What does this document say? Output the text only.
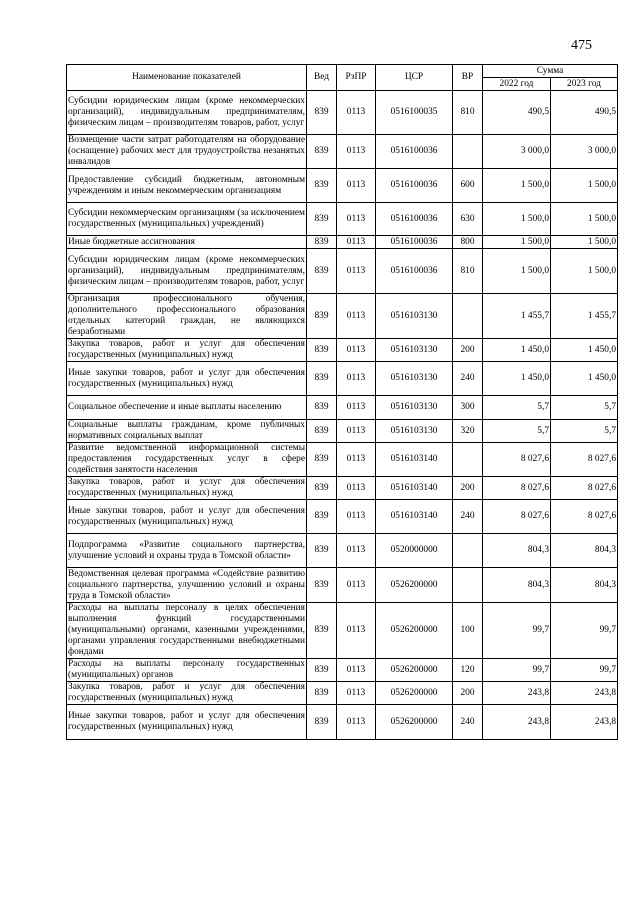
475
Наименование показателей	Вед	РзПР	ЦСР	ВР	Сумма	
					2022 год	2023 год
Субсидии юридическим лицам (кроме некоммерческих организаций), индивидуальным предпринимателям, физическим лицам – производителям товаров, работ, услуг	839	0113	0516100035	810	490,5	490,5
Возмещение части затрат работодателям на оборудование (оснащение) рабочих мест для трудоустройства незанятых инвалидов	839	0113	0516100036		3 000,0	3 000,0
Предоставление субсидий бюджетным, автономным учреждениям и иным некоммерческим организациям	839	0113	0516100036	600	1 500,0	1 500,0
Субсидии некоммерческим организациям (за исключением государственных (муниципальных) учреждений)	839	0113	0516100036	630	1 500,0	1 500,0
Иные бюджетные ассигнования	839	0113	0516100036	800	1 500,0	1 500,0
Субсидии юридическим лицам (кроме некоммерческих организаций), индивидуальным предпринимателям, физическим лицам – производителям товаров, работ, услуг	839	0113	0516100036	810	1 500,0	1 500,0
Организация профессионального обучения, дополнительного профессионального образования отдельных категорий граждан, не являющихся безработными	839	0113	0516103130		1 455,7	1 455,7
Закупка товаров, работ и услуг для обеспечения государственных (муниципальных) нужд	839	0113	0516103130	200	1 450,0	1 450,0
Иные закупки товаров, работ и услуг для обеспечения государственных (муниципальных) нужд	839	0113	0516103130	240	1 450,0	1 450,0
Социальное обеспечение и иные выплаты населению	839	0113	0516103130	300	5,7	5,7
Социальные выплаты гражданам, кроме публичных нормативных социальных выплат	839	0113	0516103130	320	5,7	5,7
Развитие ведомственной информационной системы предоставления государственных услуг в сфере содействия занятости населения	839	0113	0516103140		8 027,6	8 027,6
Закупка товаров, работ и услуг для обеспечения государственных (муниципальных) нужд	839	0113	0516103140	200	8 027,6	8 027,6
Иные закупки товаров, работ и услуг для обеспечения государственных (муниципальных) нужд	839	0113	0516103140	240	8 027,6	8 027,6
Подпрограмма «Развитие социального партнерства, улучшение условий и охраны труда в Томской области»	839	0113	0520000000		804,3	804,3
Ведомственная целевая программа «Содействие развитию социального партнерства, улучшению условий и охраны труда в Томской области»	839	0113	0526200000		804,3	804,3
Расходы на выплаты персоналу в целях обеспечения выполнения функций государственными (муниципальными) органами, казенными учреждениями, органами управления государственными внебюджетными фондами	839	0113	0526200000	100	99,7	99,7
Расходы на выплаты персоналу государственных (муниципальных) органов	839	0113	0526200000	120	99,7	99,7
Закупка товаров, работ и услуг для обеспечения государственных (муниципальных) нужд	839	0113	0526200000	200	243,8	243,8
Иные закупки товаров, работ и услуг для обеспечения государственных (муниципальных) нужд	839	0113	0526200000	240	243,8	243,8
